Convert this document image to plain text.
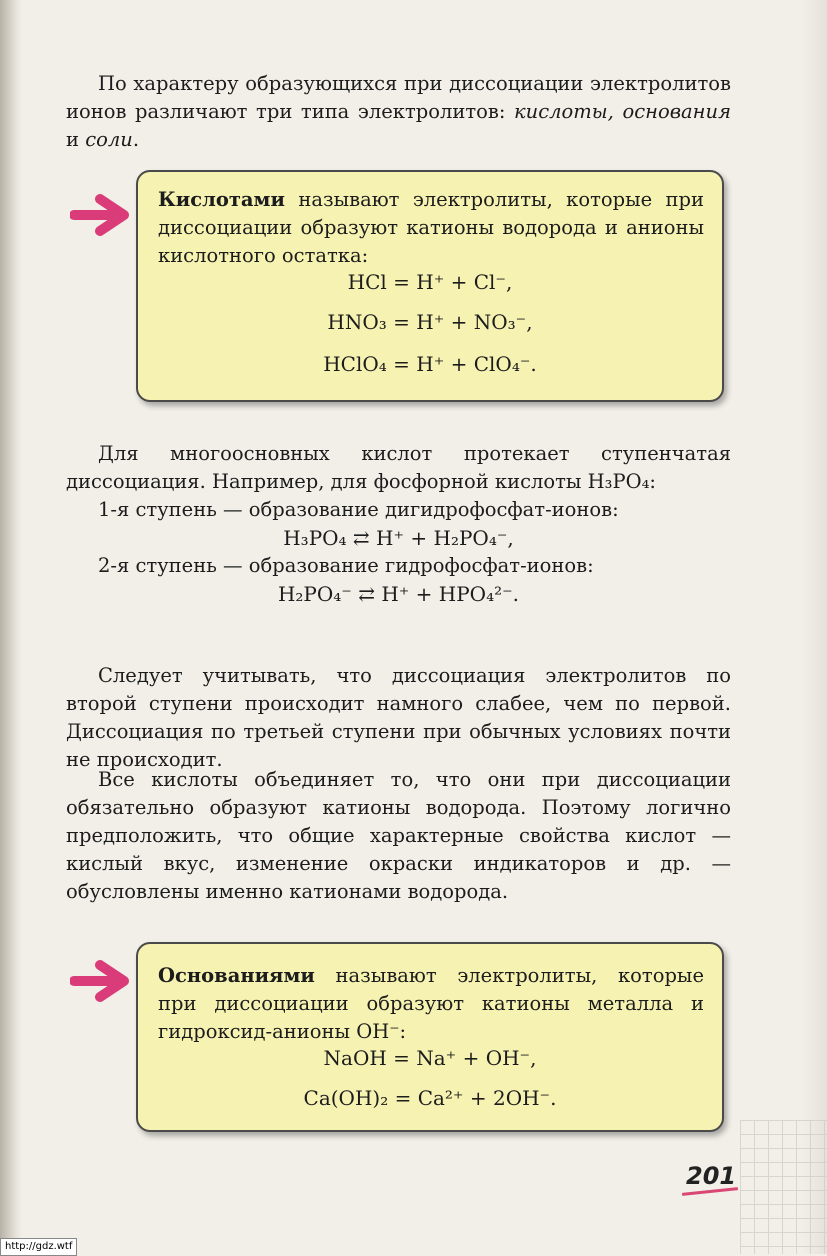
По характеру образующихся при диссоциации электролитов ионов различают три типа электролитов: кислоты, основания и соли.
Кислотами называют электролиты, которые при диссоциации образуют катионы водорода и анионы кислотного остатка:
HCl = H⁺ + Cl⁻,
HNO₃ = H⁺ + NO₃⁻,
HClO₄ = H⁺ + ClO₄⁻.
Для многоосновных кислот протекает ступенчатая диссоциация. Например, для фосфорной кислоты H₃PO₄:
1-я ступень — образование дигидрофосфат-ионов:
H₃PO₄ ⇄ H⁺ + H₂PO₄⁻,
2-я ступень — образование гидрофосфат-ионов:
H₂PO₄⁻ ⇄ H⁺ + HPO₄²⁻.
Следует учитывать, что диссоциация электролитов по второй ступени происходит намного слабее, чем по первой. Диссоциация по третьей ступени при обычных условиях почти не происходит.
Все кислоты объединяет то, что они при диссоциации обязательно образуют катионы водорода. Поэтому логично предположить, что общие характерные свойства кислот — кислый вкус, изменение окраски индикаторов и др. — обусловлены именно катионами водорода.
Основаниями называют электролиты, которые при диссоциации образуют катионы металла и гидроксид-анионы OH⁻:
NaOH = Na⁺ + OH⁻,
Ca(OH)₂ = Ca²⁺ + 2OH⁻.
201
http://gdz.wtf
